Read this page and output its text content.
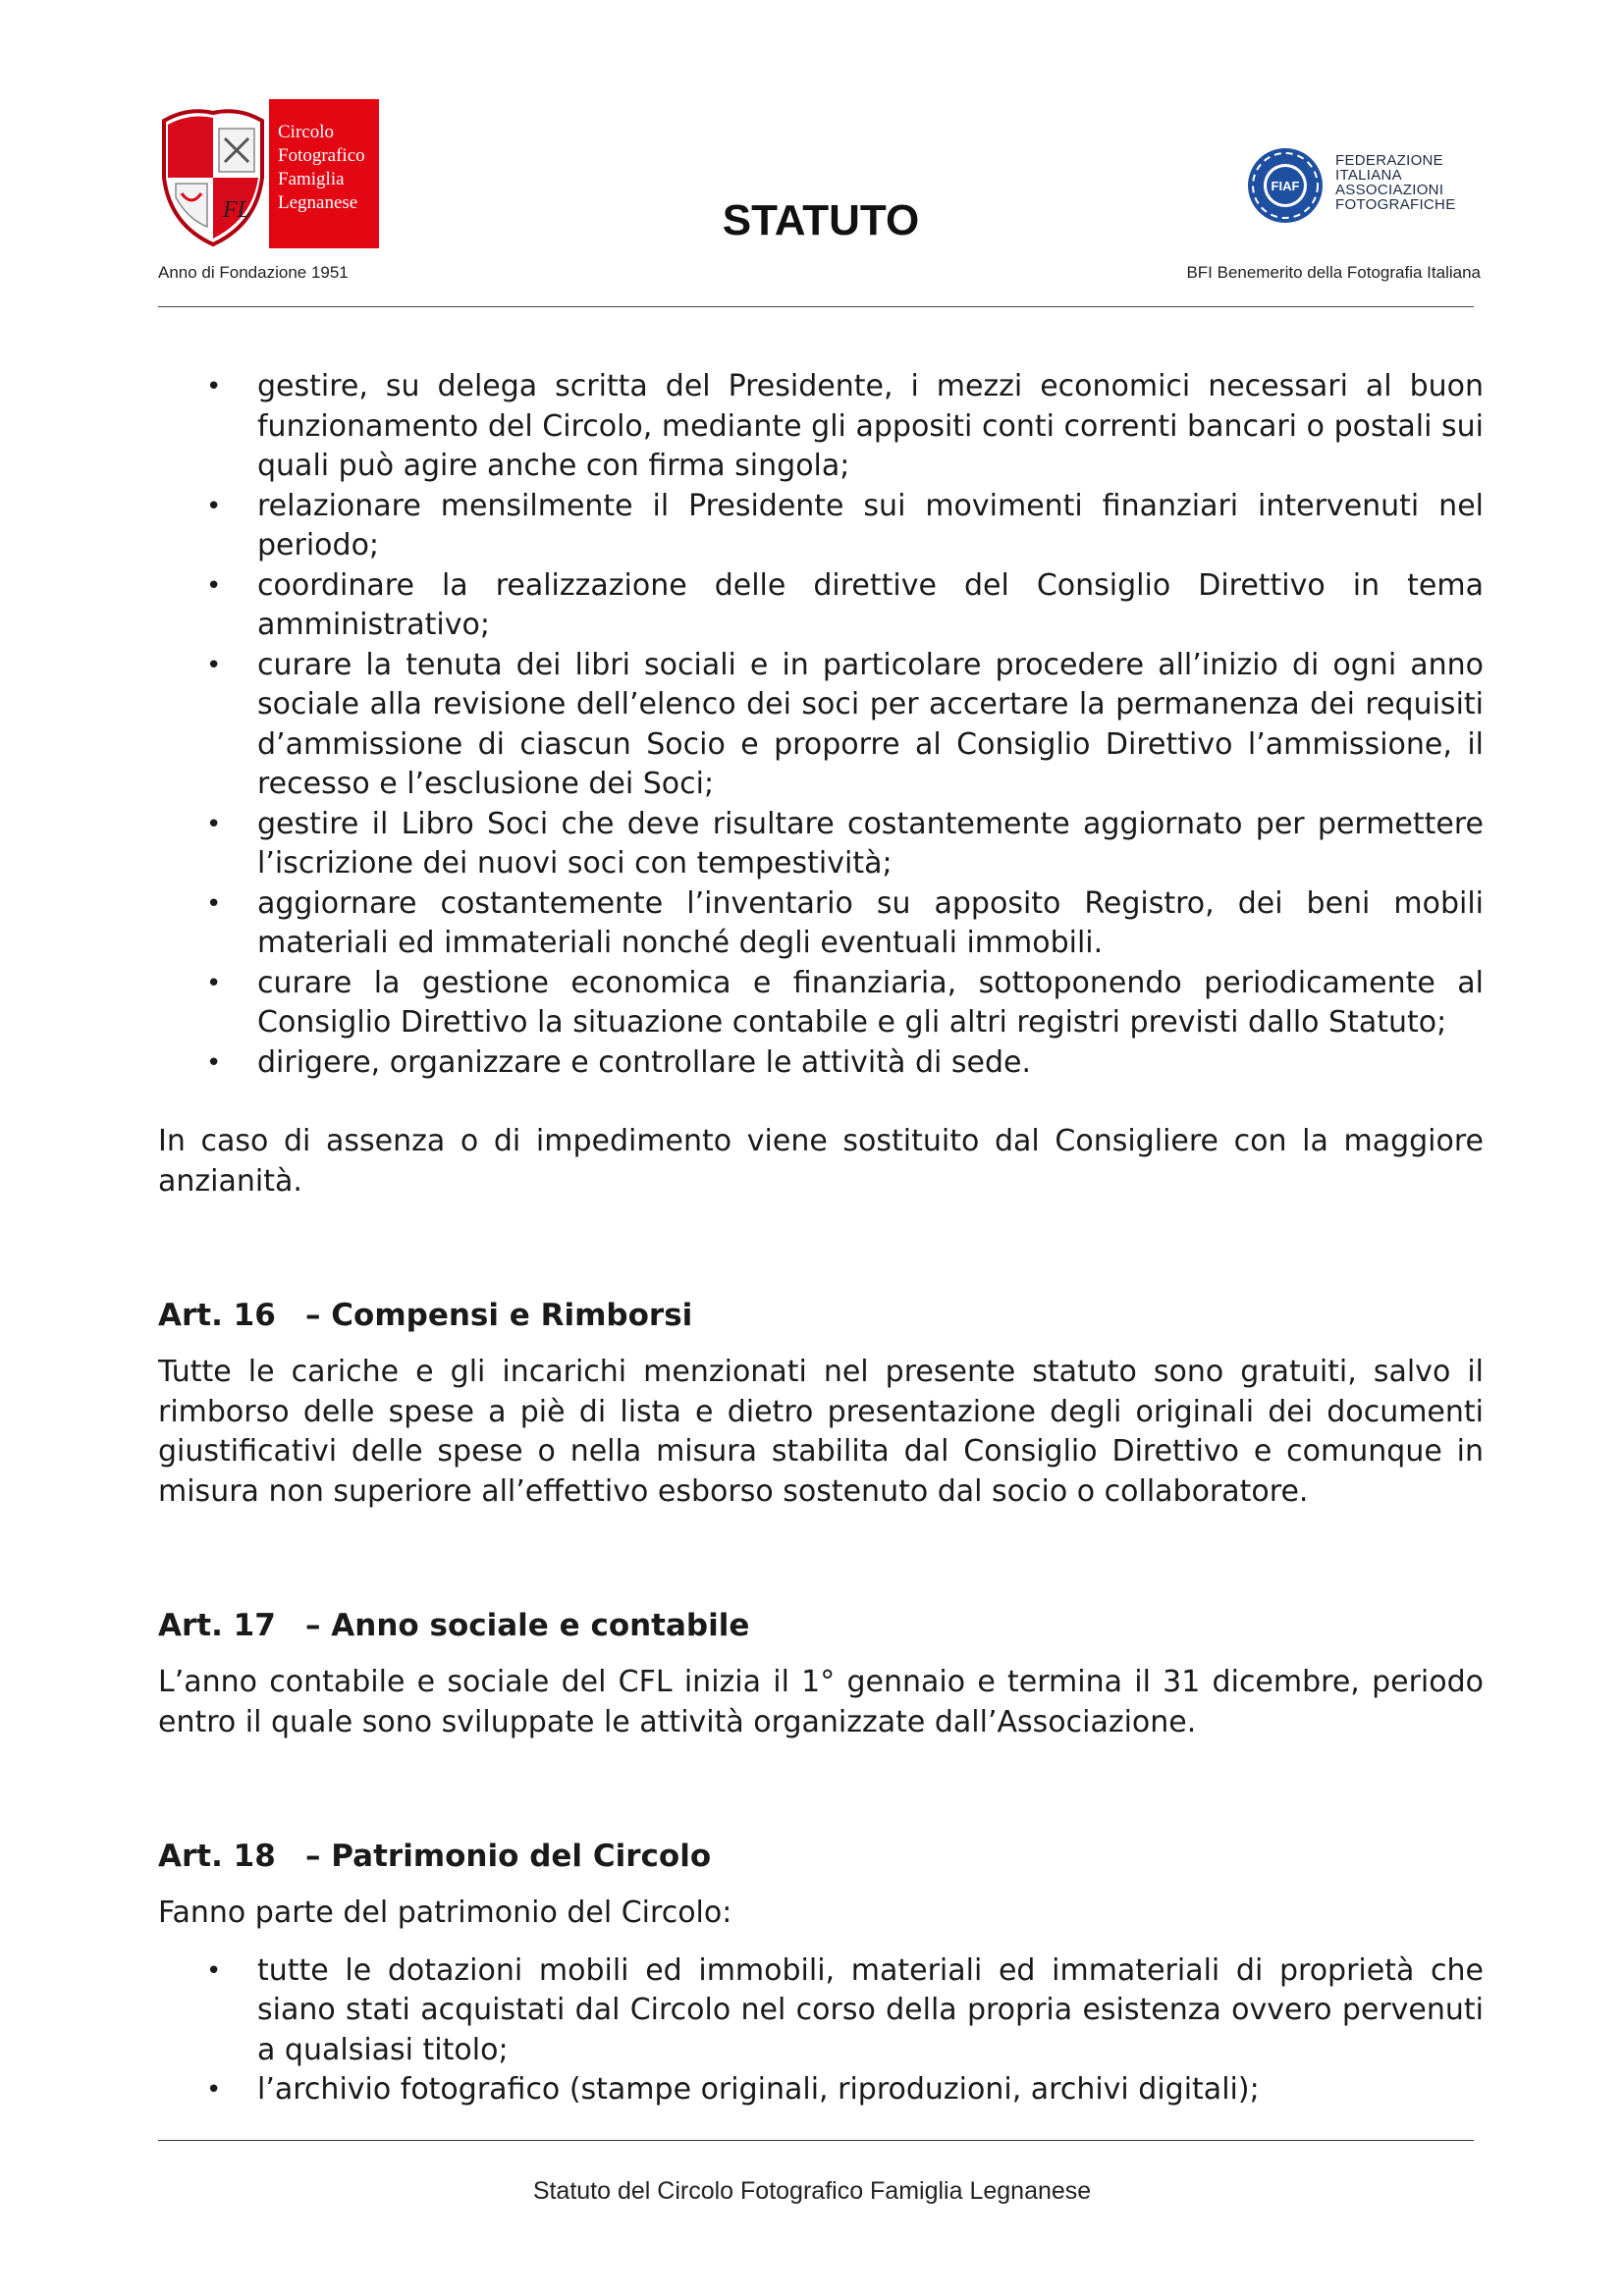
FL
Circolo
Fotografico
Famiglia
Legnanese	STATUTO
FIAF
FEDERAZIONE
ITALIANA
ASSOCIAZIONI
FOTOGRAFICHE
Anno di Fondazione 1951	BFI Benemerito della Fotografia Italiana
• gestire, su delega scritta del Presidente, i mezzi economici necessari al buon funzionamento del Circolo, mediante gli appositi conti correnti bancari o postali sui quali può agire anche con firma singola;
• relazionare mensilmente il Presidente sui movimenti finanziari intervenuti nel periodo;
• coordinare la realizzazione delle direttive del Consiglio Direttivo in tema amministrativo;
• curare la tenuta dei libri sociali e in particolare procedere all’inizio di ogni anno sociale alla revisione dell’elenco dei soci per accertare la permanenza dei requisiti d’ammissione di ciascun Socio e proporre al Consiglio Direttivo l’ammissione, il recesso e l’esclusione dei Soci;
• gestire il Libro Soci che deve risultare costantemente aggiornato per permettere l’iscrizione dei nuovi soci con tempestività;
• aggiornare costantemente l’inventario su apposito Registro, dei beni mobili materiali ed immateriali nonché degli eventuali immobili.
• curare la gestione economica e finanziaria, sottoponendo periodicamente al Consiglio Direttivo la situazione contabile e gli altri registri previsti dallo Statuto;
• dirigere, organizzare e controllare le attività di sede.

In caso di assenza o di impedimento viene sostituito dal Consigliere con la maggiore anzianità.

Art. 16 – Compensi e Rimborsi

Tutte le cariche e gli incarichi menzionati nel presente statuto sono gratuiti, salvo il rimborso delle spese a piè di lista e dietro presentazione degli originali dei documenti giustificativi delle spese o nella misura stabilita dal Consiglio Direttivo e comunque in misura non superiore all’effettivo esborso sostenuto dal socio o collaboratore.

Art. 17 – Anno sociale e contabile

L’anno contabile e sociale del CFL inizia il 1° gennaio e termina il 31 dicembre, periodo entro il quale sono sviluppate le attività organizzate dall’Associazione.

Art. 18 – Patrimonio del Circolo

Fanno parte del patrimonio del Circolo:

• tutte le dotazioni mobili ed immobili, materiali ed immateriali di proprietà che siano stati acquistati dal Circolo nel corso della propria esistenza ovvero pervenuti a qualsiasi titolo;
• l’archivio fotografico (stampe originali, riproduzioni, archivi digitali);
Statuto del Circolo Fotografico Famiglia Legnanese
